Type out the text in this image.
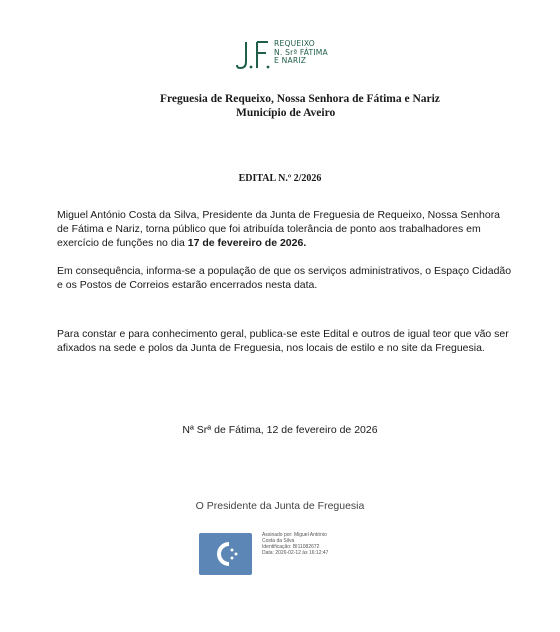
REQUEIXO
N. Srª FÁTIMA
E NARIZ
Freguesia de Requeixo, Nossa Senhora de Fátima e Nariz
Município de Aveiro
EDITAL N.º 2/2026
Miguel António Costa da Silva, Presidente da Junta de Freguesia de Requeixo, Nossa Senhora de Fátima e Nariz, torna público que foi atribuída tolerância de ponto aos trabalhadores em exercício de funções no dia 17 de fevereiro de 2026.
Em consequência, informa-se a população de que os serviços administrativos, o Espaço Cidadão e os Postos de Correios estarão encerrados nesta data.
Para constar e para conhecimento geral, publica-se este Edital e outros de igual teor que vão ser afixados na sede e polos da Junta de Freguesia, nos locais de estilo e no site da Freguesia.
Nª Srª de Fátima, 12 de fevereiro de 2026
O Presidente da Junta de Freguesia
Assinado por: Miguel António
Costa da Silva
Identificação: BI11082672
Data: 2026-02-12 às 16:12:47
